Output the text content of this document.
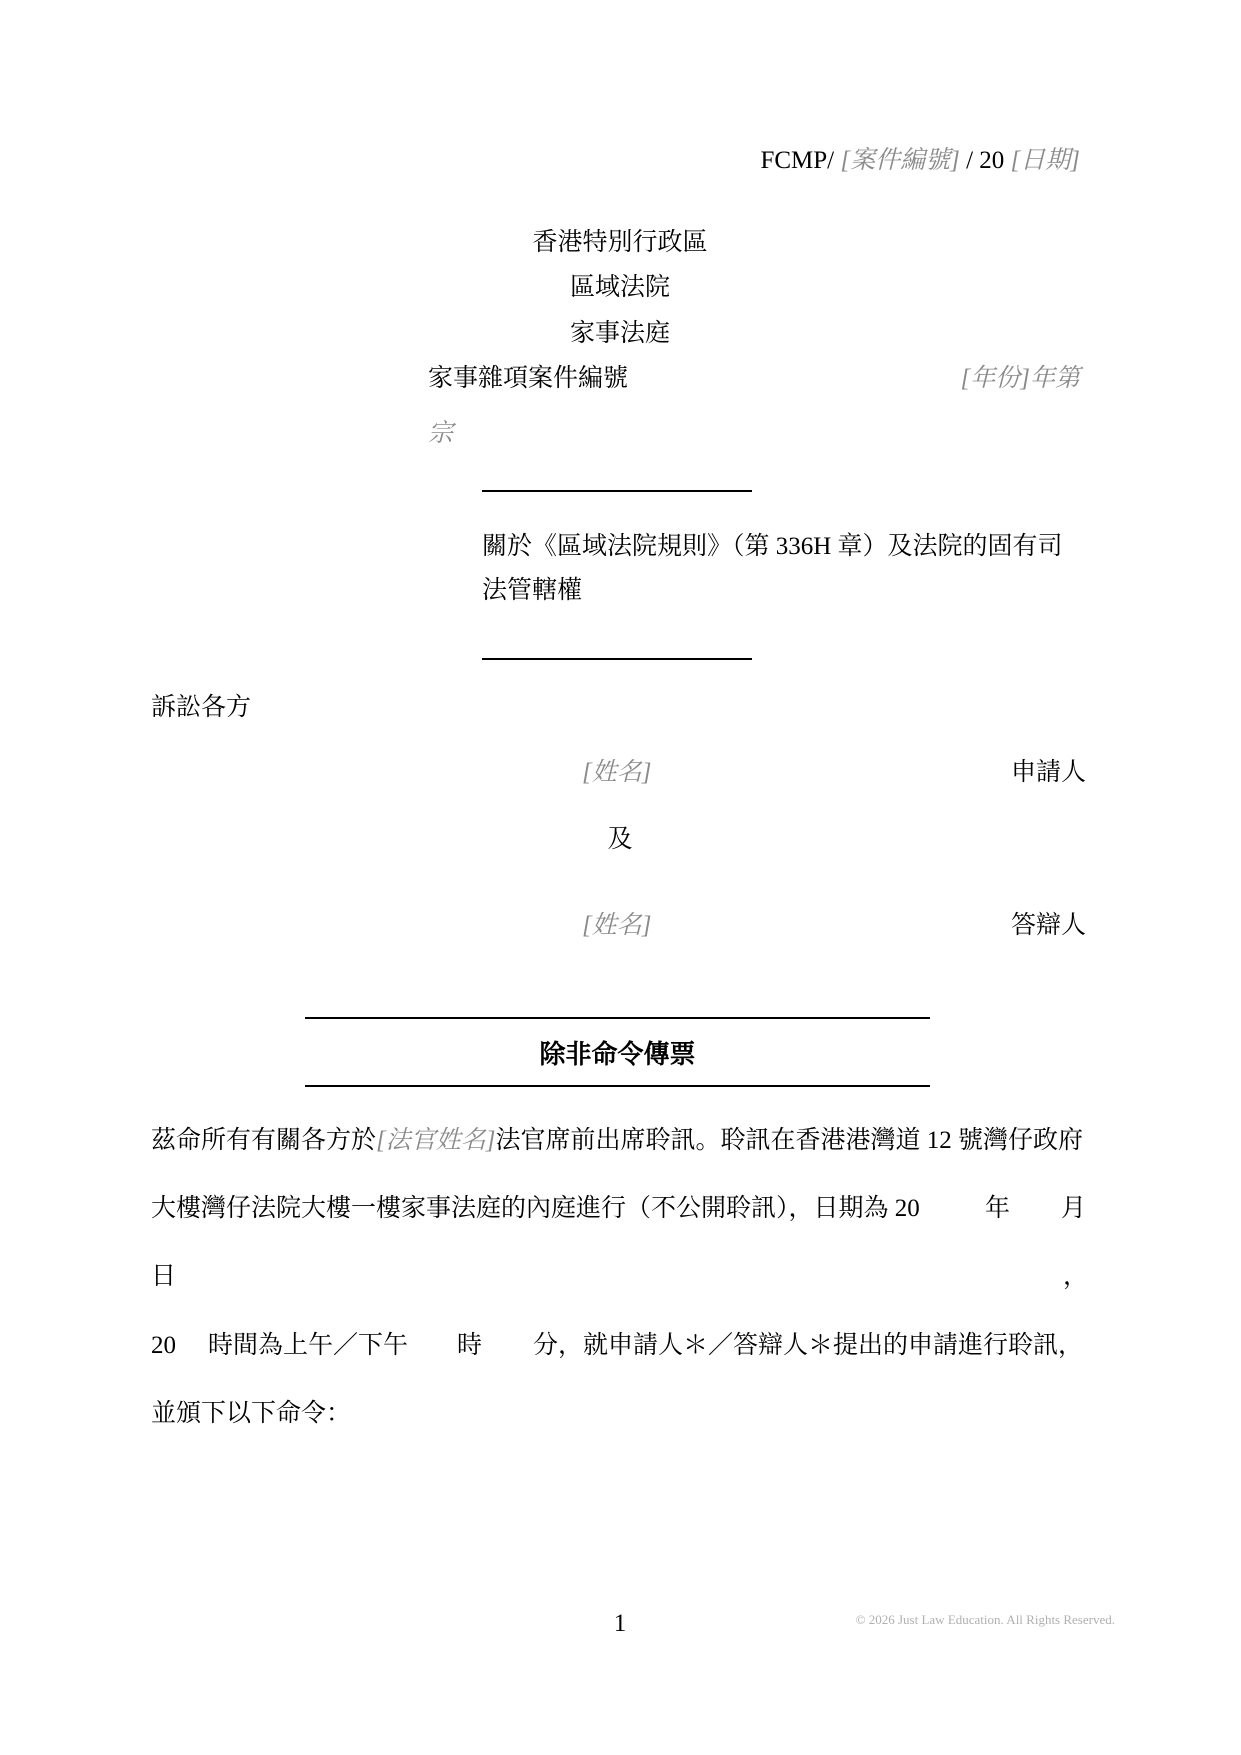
FCMP/ [案件編號] / 20 [日期]
香港特別行政區
區域法院
家事法庭
家事雜項案件編號	[年份]年第
宗
關於《區域法院規則》（第 336H 章）及法院的固有司
法管轄權
訴訟各方
[姓名]	申請人
及
[姓名]	答辯人
除非命令傳票
茲命所有有關各方於[法官姓名]法官席前出席聆訊。聆訊在香港港灣道 12 號灣仔政府
大樓灣仔法院大樓一樓家事法庭的內庭進行（不公開聆訊），日期為 20	年 月
日	，
20 時間為上午／下午 時 分，就申請人＊／答辯人＊提出的申請進行聆訊，
並頒下以下命令：
1	© 2026 Just Law Education. All Rights Reserved.
